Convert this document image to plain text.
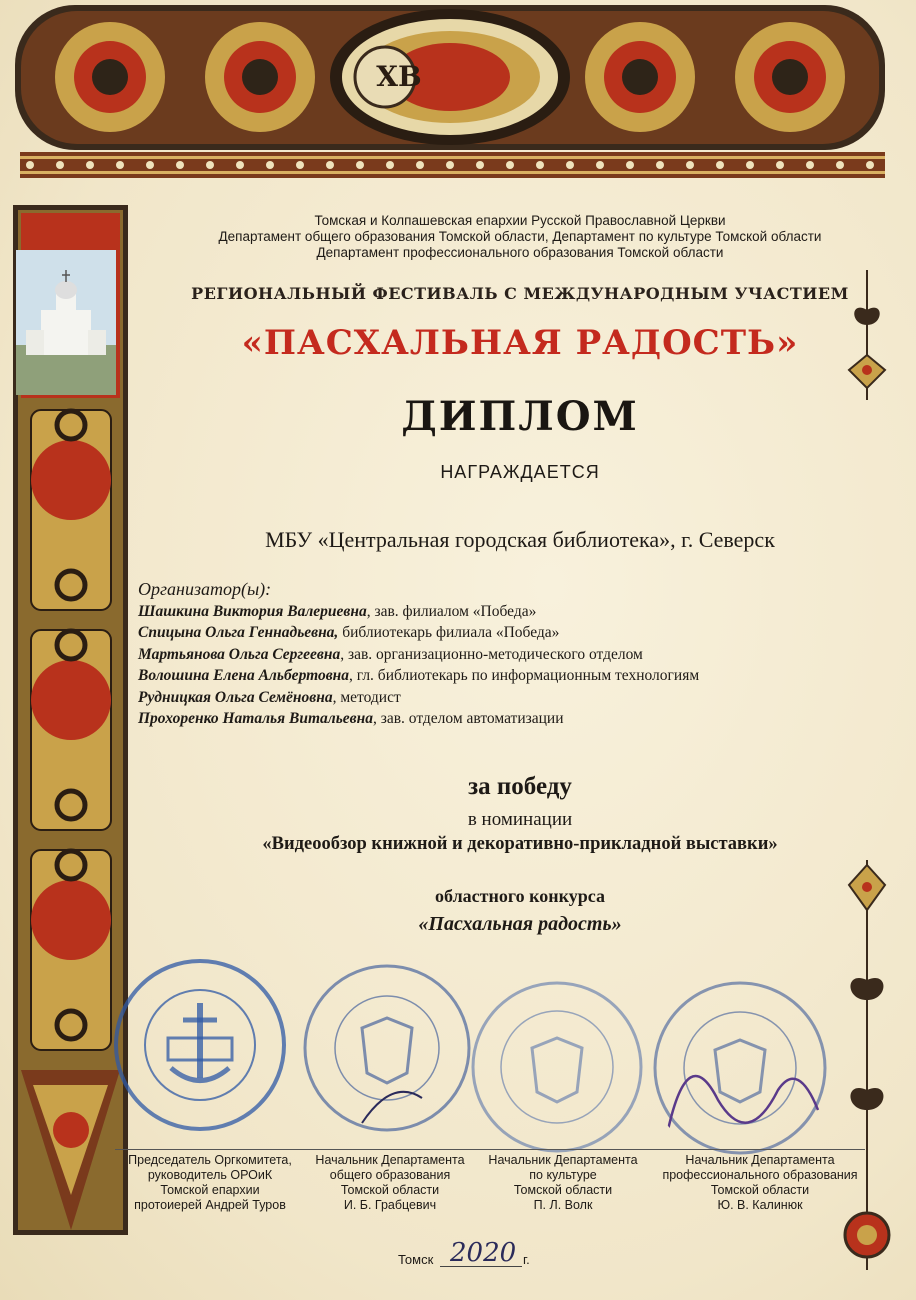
ХВ
Томская и Колпашевская епархии Русской Православной Церкви
Департамент общего образования Томской области, Департамент по культуре Томской области
Департамент профессионального образования Томской области
РЕГИОНАЛЬНЫЙ ФЕСТИВАЛЬ С МЕЖДУНАРОДНЫМ УЧАСТИЕМ
«ПАСХАЛЬНАЯ РАДОСТЬ»
ДИПЛОМ
НАГРАЖДАЕТСЯ
МБУ «Центральная городская библиотека», г. Северск
Организатор(ы):
Шашкина Виктория Валериевна, зав. филиалом «Победа»
Спицына Ольга Геннадьевна, библиотекарь филиала «Победа»
Мартьянова Ольга Сергеевна, зав. организационно-методического отделом
Волошина Елена Альбертовна, гл. библиотекарь по информационным технологиям
Рудницкая Ольга Семёновна, методист
Прохоренко Наталья Витальевна, зав. отделом автоматизации
за победу
в номинации
«Видеообзор книжной и декоративно-прикладной выставки»
областного конкурса
«Пасхальная радость»
Председатель Оргкомитета,
руководитель ОРОиК
Томской епархии
протоиерей Андрей Туров
Начальник Департамента
общего образования
Томской области
И. Б. Грабцевич
Начальник Департамента
по культуре
Томской области
П. Л. Волк
Начальник Департамента
профессионального образования
Томской области
Ю. В. Калинюк
Томск 2020 г.
